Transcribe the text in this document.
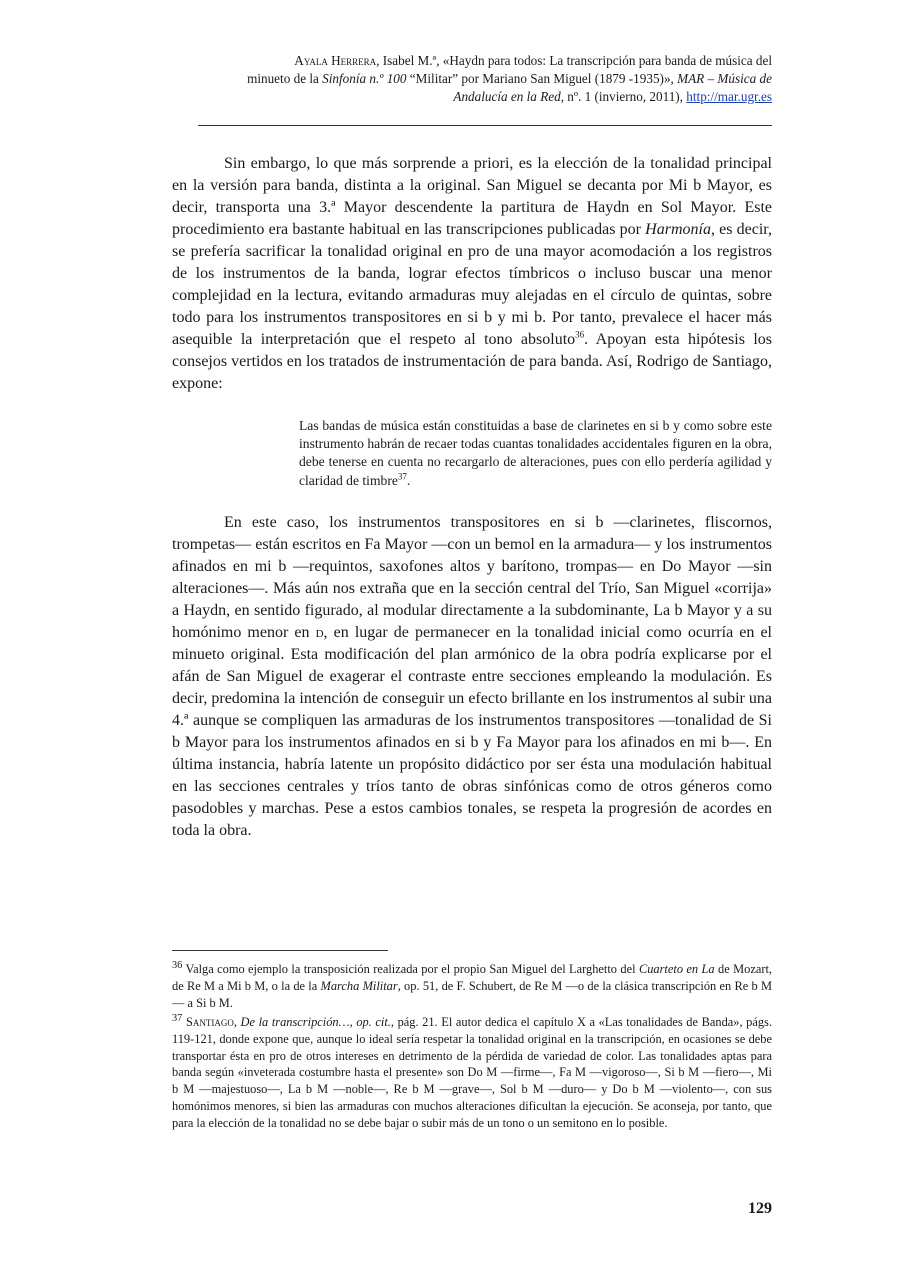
Ayala Herrera, Isabel M.ª, «Haydn para todos: La transcripción para banda de música del
minueto de la Sinfonía n.º 100 “Militar” por Mariano San Miguel (1879 -1935)», MAR – Música de
Andalucía en la Red, nº. 1 (invierno, 2011), http://mar.ugr.es

Sin embargo, lo que más sorprende a priori, es la elección de la tonalidad principal en la versión para banda, distinta a la original. San Miguel se decanta por Mi b Mayor, es decir, transporta una 3.ª Mayor descendente la partitura de Haydn en Sol Mayor. Este procedimiento era bastante habitual en las transcripciones publicadas por Harmonía, es decir, se prefería sacrificar la tonalidad original en pro de una mayor acomodación a los registros de los instrumentos de la banda, lograr efectos tímbricos o incluso buscar una menor complejidad en la lectura, evitando armaduras muy alejadas en el círculo de quintas, sobre todo para los instrumentos transpositores en si b y mi b. Por tanto, prevalece el hacer más asequible la interpretación que el respeto al tono absoluto$^{36}$. Apoyan esta hipótesis los consejos vertidos en los tratados de instrumentación de para banda. Así, Rodrigo de Santiago, expone:

Las bandas de música están constituidas a base de clarinetes en si b y como sobre este instrumento habrán de recaer todas cuantas tonalidades accidentales figuren en la obra, debe tenerse en cuenta no recargarlo de alteraciones, pues con ello perdería agilidad y claridad de timbre$^{37}$.

En este caso, los instrumentos transpositores en si b —clarinetes, fliscornos, trompetas— están escritos en Fa Mayor —con un bemol en la armadura— y los instrumentos afinados en mi b —requintos, saxofones altos y barítono, trompas— en Do Mayor —sin alteraciones—. Más aún nos extraña que en la sección central del Trío, San Miguel «corrija» a Haydn, en sentido figurado, al modular directamente a la subdominante, La b Mayor y a su homónimo menor en d, en lugar de permanecer en la tonalidad inicial como ocurría en el minueto original. Esta modificación del plan armónico de la obra podría explicarse por el afán de San Miguel de exagerar el contraste entre secciones empleando la modulación. Es decir, predomina la intención de conseguir un efecto brillante en los instrumentos al subir una 4.ª aunque se compliquen las armaduras de los instrumentos transpositores —tonalidad de Si b Mayor para los instrumentos afinados en si b y Fa Mayor para los afinados en mi b—. En última instancia, habría latente un propósito didáctico por ser ésta una modulación habitual en las secciones centrales y tríos tanto de obras sinfónicas como de otros géneros como pasodobles y marchas. Pese a estos cambios tonales, se respeta la progresión de acordes en toda la obra.

$^{36}$ Valga como ejemplo la transposición realizada por el propio San Miguel del Larghetto del Cuarteto en La de Mozart, de Re M a Mi b M, o la de la Marcha Militar, op. 51, de F. Schubert, de Re M —o de la clásica transcripción en Re b M— a Si b M.

$^{37}$ Santiago, De la transcripción…, op. cit., pág. 21. El autor dedica el capítulo X a «Las tonalidades de Banda», págs. 119-121, donde expone que, aunque lo ideal sería respetar la tonalidad original en la transcripción, en ocasiones se debe transportar ésta en pro de otros intereses en detrimento de la pérdida de variedad de color. Las tonalidades aptas para banda según «inveterada costumbre hasta el presente» son Do M —firme—, Fa M —vigoroso—, Si b M —fiero—, Mi b M —majestuoso—, La b M —noble—, Re b M —grave—, Sol b M —duro— y Do b M —violento—, con sus homónimos menores, si bien las armaduras con muchos alteraciones dificultan la ejecución. Se aconseja, por tanto, que para la elección de la tonalidad no se debe bajar o subir más de un tono o un semitono en lo posible.

129
